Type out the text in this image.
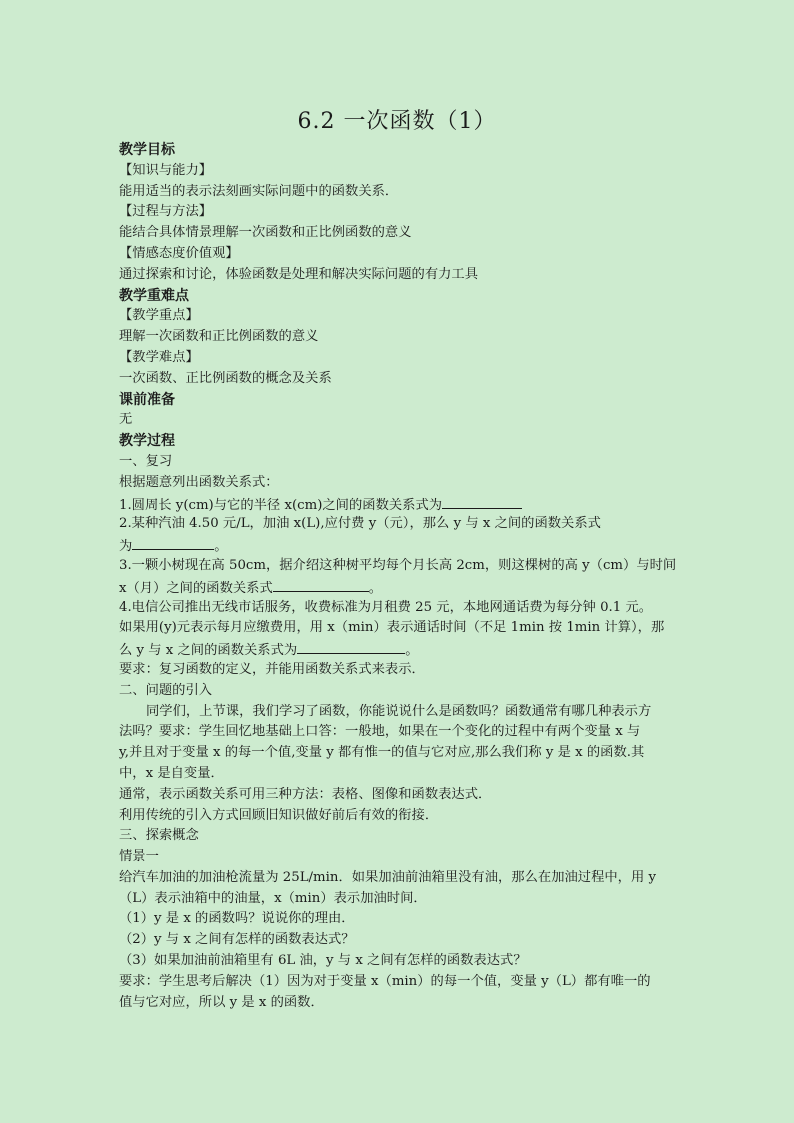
6.2 一次函数（1）
教学目标
【知识与能力】
能用适当的表示法刻画实际问题中的函数关系．
【过程与方法】
能结合具体情景理解一次函数和正比例函数的意义
【情感态度价值观】
通过探索和讨论，体验函数是处理和解决实际问题的有力工具
教学重难点
【教学重点】
理解一次函数和正比例函数的意义
【教学难点】
一次函数、正比例函数的概念及关系
课前准备
无
教学过程
一、复习
根据题意列出函数关系式：
1.圆周长 y(cm)与它的半径 x(cm)之间的函数关系式为
2.某种汽油 4.50 元/L，加油 x(L),应付费 y（元），那么 y 与 x 之间的函数关系式
为	。
3.一颗小树现在高 50cm，据介绍这种树平均每个月长高 2cm，则这棵树的高 y（cm）与时间
x（月）之间的函数关系式	。
4.电信公司推出无线市话服务，收费标准为月租费 25 元，本地网通话费为每分钟 0.1 元。
如果用(y)元表示每月应缴费用，用 x（min）表示通话时间（不足 1min 按 1min 计算），那
么 y 与 x 之间的函数关系式为	。
要求：复习函数的定义，并能用函数关系式来表示．
二、问题的引入
同学们，上节课，我们学习了函数，你能说说什么是函数吗？函数通常有哪几种表示方
法吗？要求：学生回忆地基础上口答：一般地，如果在一个变化的过程中有两个变量 x 与
y,并且对于变量 x 的每一个值,变量 y 都有惟一的值与它对应,那么我们称 y 是 x 的函数.其
中，x 是自变量．
通常，表示函数关系可用三种方法：表格、图像和函数表达式．
利用传统的引入方式回顾旧知识做好前后有效的衔接．
三、探索概念
情景一
给汽车加油的加油枪流量为 25L/min．如果加油前油箱里没有油，那么在加油过程中，用 y
（L）表示油箱中的油量，x（min）表示加油时间．
（1）y 是 x 的函数吗？说说你的理由．
（2）y 与 x 之间有怎样的函数表达式？
（3）如果加油前油箱里有 6L 油，y 与 x 之间有怎样的函数表达式？
要求：学生思考后解决（1）因为对于变量 x（min）的每一个值，变量 y（L）都有唯一的
值与它对应，所以 y 是 x 的函数．
